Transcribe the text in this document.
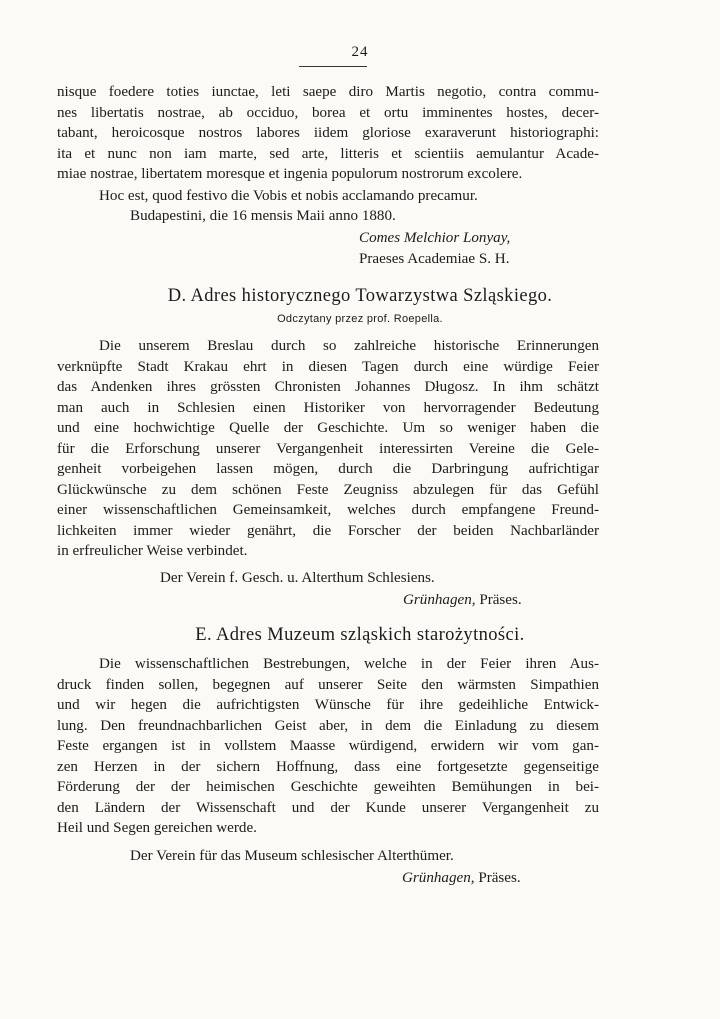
24
nisque foedere toties iunctae, leti saepe diro Martis negotio, contra commu-
nes libertatis nostrae, ab occiduo, borea et ortu imminentes hostes, decer-
tabant, heroicosque nostros labores iidem gloriose exaraverunt historiographi:
ita et nunc non iam marte, sed arte, litteris et scientiis aemulantur Acade-
miae nostrae, libertatem moresque et ingenia populorum nostrorum excolere.
Hoc est, quod festivo die Vobis et nobis acclamando precamur.
Budapestini, die 16 mensis Maii anno 1880.
Comes Melchior Lonyay,
Praeses Academiae S. H.
D. Adres historycznego Towarzystwa Szląskiego.
Odczytany przez prof. Roepella.
Die unserem Breslau durch so zahlreiche historische Erinnerungen
verknüpfte Stadt Krakau ehrt in diesen Tagen durch eine würdige Feier
das Andenken ihres grössten Chronisten Johannes Długosz. In ihm schätzt
man auch in Schlesien einen Historiker von hervorragender Bedeutung
und eine hochwichtige Quelle der Geschichte. Um so weniger haben die
für die Erforschung unserer Vergangenheit interessirten Vereine die Gele-
genheit vorbeigehen lassen mögen, durch die Darbringung aufrichtigar
Glückwünsche zu dem schönen Feste Zeugniss abzulegen für das Gefühl
einer wissenschaftlichen Gemeinsamkeit, welches durch empfangene Freund-
lichkeiten immer wieder genährt, die Forscher der beiden Nachbarländer
in erfreulicher Weise verbindet.
Der Verein f. Gesch. u. Alterthum Schlesiens.
Grünhagen, Präses.
E. Adres Muzeum szląskich starożytności.
Die wissenschaftlichen Bestrebungen, welche in der Feier ihren Aus-
druck finden sollen, begegnen auf unserer Seite den wärmsten Simpathien
und wir hegen die aufrichtigsten Wünsche für ihre gedeihliche Entwick-
lung. Den freundnachbarlichen Geist aber, in dem die Einladung zu diesem
Feste ergangen ist in vollstem Maasse würdigend, erwidern wir vom gan-
zen Herzen in der sichern Hoffnung, dass eine fortgesetzte gegenseitige
Förderung der der heimischen Geschichte geweihten Bemühungen in bei-
den Ländern der Wissenschaft und der Kunde unserer Vergangenheit zu
Heil und Segen gereichen werde.
Der Verein für das Museum schlesischer Alterthümer.
Grünhagen, Präses.
